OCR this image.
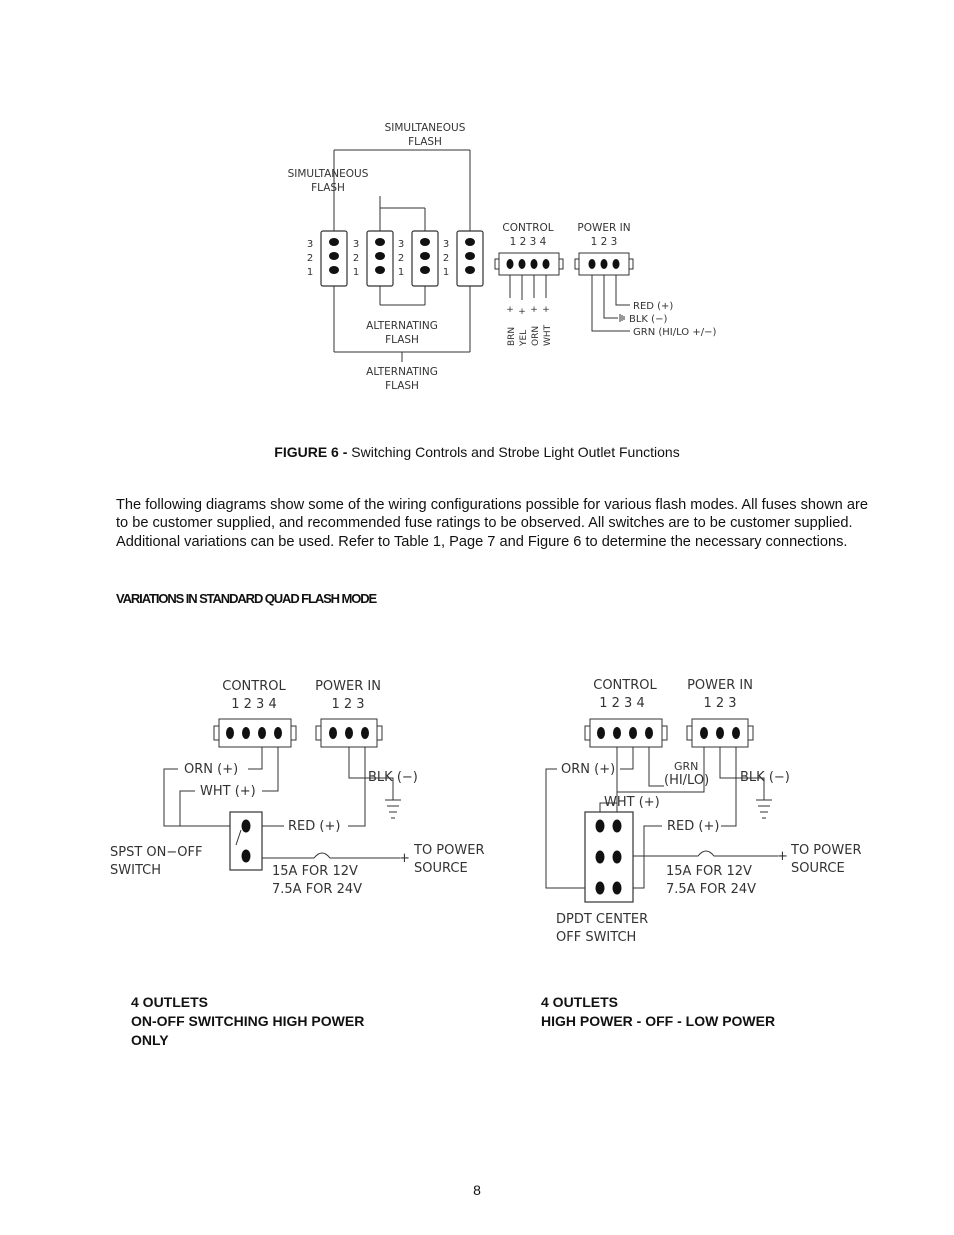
3
2
1
3
2
1
3
2
1
3
2
1
SIMULTANEOUS
FLASH
SIMULTANEOUS
FLASH
ALTERNATING
FLASH
ALTERNATING
FLASH
CONTROL
1 2 3 4
+ + + +
BRN YEL ORN WHT
POWER IN
1 2 3
RED (+)
BLK (−)
GRN (HI/LO +/−)
FIGURE 6 - Switching Controls and Strobe Light Outlet Functions
The following diagrams show some of the wiring configurations possible for various flash modes. All fuses shown are to be customer supplied, and recommended fuse ratings to be observed. All switches are to be customer supplied. Additional variations can be used. Refer to Table 1, Page 7 and Figure 6 to determine the necessary connections.
VARIATIONS IN STANDARD QUAD FLASH MODE
CONTROL
1 2 3 4
POWER IN
1 2 3
ORN (+)
WHT (+)
BLK (−)
RED (+)
SPST ON−OFF
SWITCH	15A FOR 12V
7.5A FOR 24V
+
TO POWER
SOURCE
CONTROL
1 2 3 4
POWER IN
1 2 3
ORN (+)	GRN
(HI/LO) BLK (−)
WHT (+)
RED (+)
15A FOR 12V
7.5A FOR 24V
+ TO POWER
SOURCE
DPDT CENTER
OFF SWITCH
4 OUTLETS
ON-OFF SWITCHING HIGH POWER
ONLY
4 OUTLETS
HIGH POWER - OFF - LOW POWER
8
